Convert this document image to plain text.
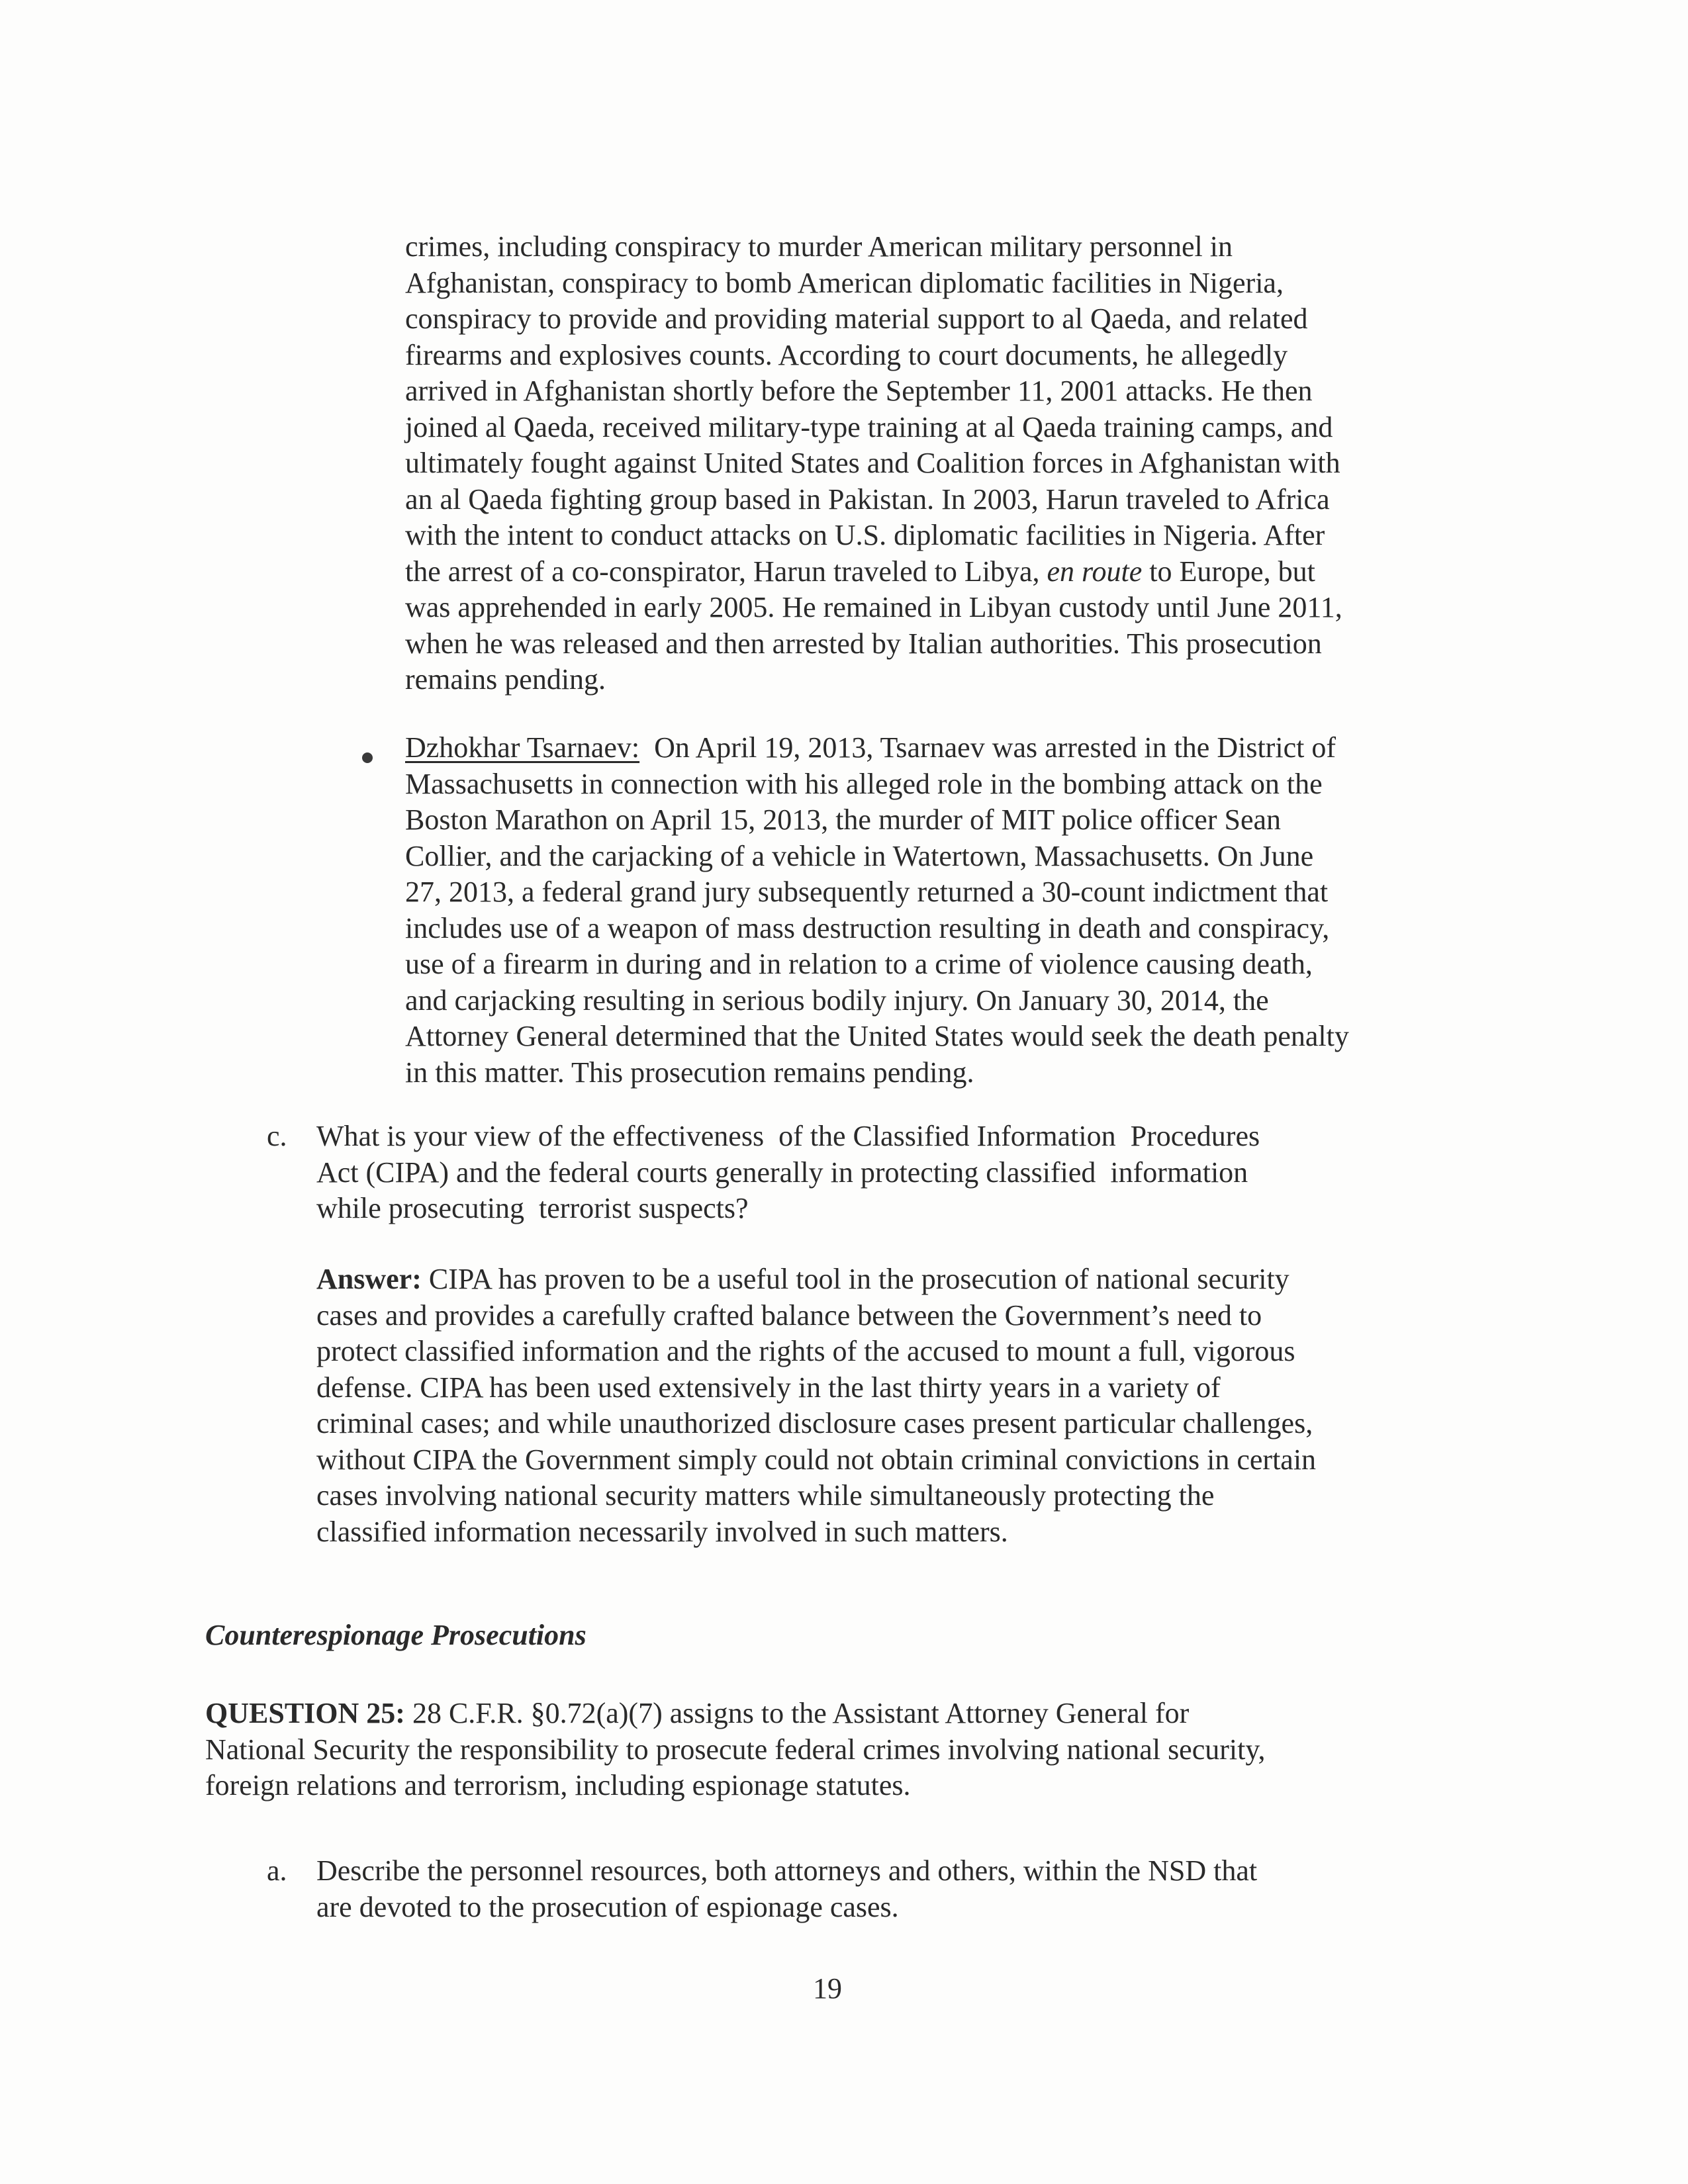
crimes, including conspiracy to murder American military personnel in
Afghanistan, conspiracy to bomb American diplomatic facilities in Nigeria,
conspiracy to provide and providing material support to al Qaeda, and related
firearms and explosives counts. According to court documents, he allegedly
arrived in Afghanistan shortly before the September 11, 2001 attacks. He then
joined al Qaeda, received military-type training at al Qaeda training camps, and
ultimately fought against United States and Coalition forces in Afghanistan with
an al Qaeda fighting group based in Pakistan. In 2003, Harun traveled to Africa
with the intent to conduct attacks on U.S. diplomatic facilities in Nigeria. After
the arrest of a co-conspirator, Harun traveled to Libya, en route to Europe, but
was apprehended in early 2005. He remained in Libyan custody until June 2011,
when he was released and then arrested by Italian authorities. This prosecution
remains pending.
Dzhokhar Tsarnaev:  On April 19, 2013, Tsarnaev was arrested in the District of
Massachusetts in connection with his alleged role in the bombing attack on the
Boston Marathon on April 15, 2013, the murder of MIT police officer Sean
Collier, and the carjacking of a vehicle in Watertown, Massachusetts. On June
27, 2013, a federal grand jury subsequently returned a 30-count indictment that
includes use of a weapon of mass destruction resulting in death and conspiracy,
use of a firearm in during and in relation to a crime of violence causing death,
and carjacking resulting in serious bodily injury. On January 30, 2014, the
Attorney General determined that the United States would seek the death penalty
in this matter. This prosecution remains pending.
c. What is your view of the effectiveness  of the Classified Information  Procedures
Act (CIPA) and the federal courts generally in protecting classified  information
while prosecuting  terrorist suspects?
Answer: CIPA has proven to be a useful tool in the prosecution of national security
cases and provides a carefully crafted balance between the Government’s need to
protect classified information and the rights of the accused to mount a full, vigorous
defense. CIPA has been used extensively in the last thirty years in a variety of
criminal cases; and while unauthorized disclosure cases present particular challenges,
without CIPA the Government simply could not obtain criminal convictions in certain
cases involving national security matters while simultaneously protecting the
classified information necessarily involved in such matters.
Counterespionage Prosecutions
QUESTION 25: 28 C.F.R. §0.72(a)(7) assigns to the Assistant Attorney General for
National Security the responsibility to prosecute federal crimes involving national security,
foreign relations and terrorism, including espionage statutes.
a. Describe the personnel resources, both attorneys and others, within the NSD that
are devoted to the prosecution of espionage cases.
19
